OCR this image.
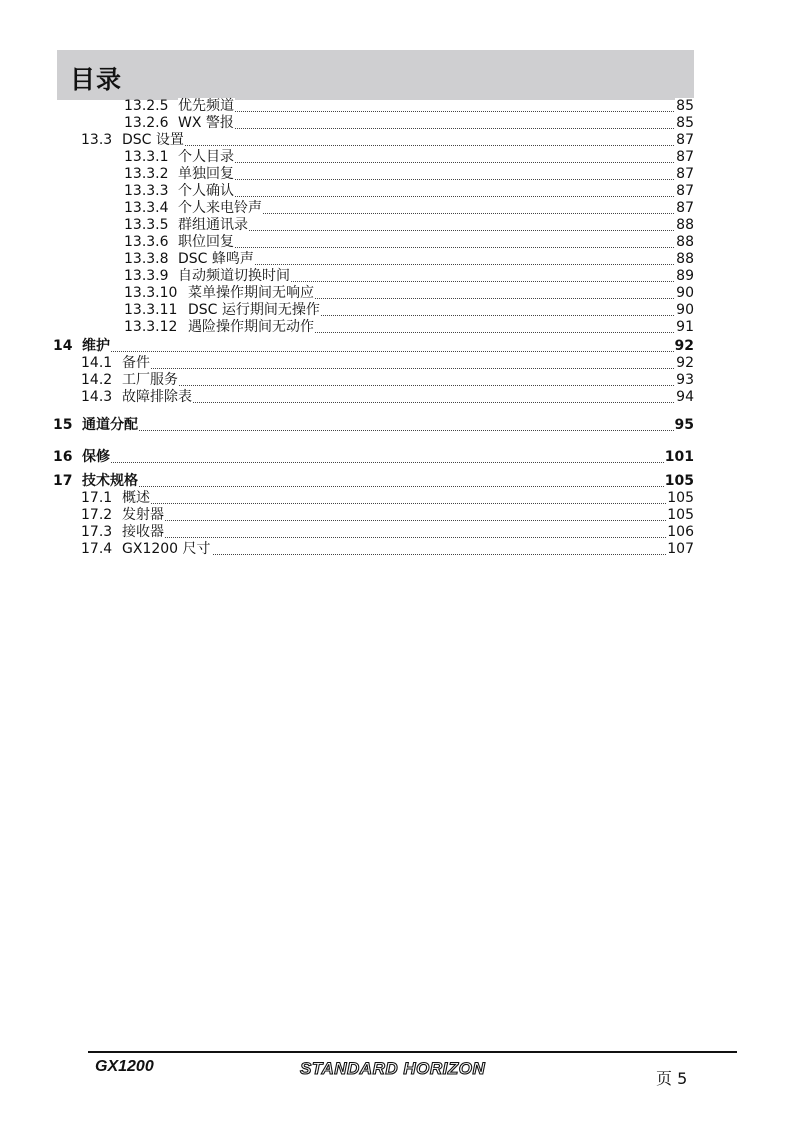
目录
13.2.5 优先频道	85
13.2.6 WX 警报	85
13.3 DSC 设置	87
13.3.1 个人目录	87
13.3.2 单独回复	87
13.3.3 个人确认	87
13.3.4 个人来电铃声	87
13.3.5 群组通讯录	88
13.3.6 职位回复	88
13.3.8 DSC 蜂鸣声	88
13.3.9 自动频道切换时间	89
13.3.10 菜单操作期间无响应	90
13.3.11 DSC 运行期间无操作	90
13.3.12 遇险操作期间无动作	91
14 维护	92
14.1 备件	92
14.2 工厂服务	93
14.3 故障排除表	94
15 通道分配	95
16 保修	101
17 技术规格	105
17.1 概述	105
17.2 发射器	105
17.3 接收器	106
17.4 GX1200 尺寸	107
GX1200	STANDARD HORIZON
页 5
